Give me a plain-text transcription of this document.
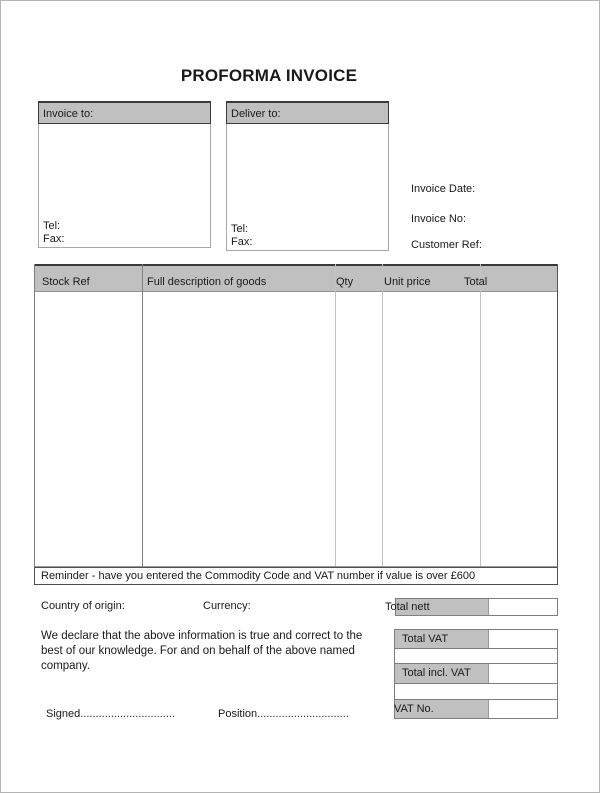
PROFORMA INVOICE
Invoice to:
Tel:
Fax:
Deliver to:
Tel:
Fax:
Invoice Date:
Invoice No:
Customer Ref:
Stock Ref	Full description of goods	Qty	Unit price	Total
Reminder - have you entered the Commodity Code and VAT number if value is over £600
Country of origin:	Currency:	Total nett
We declare that the above information is true and correct to the
best of our knowledge. For and on behalf of the above named
company.
Total VAT
Total incl. VAT
VAT No.
Signed...............................	Position..............................
